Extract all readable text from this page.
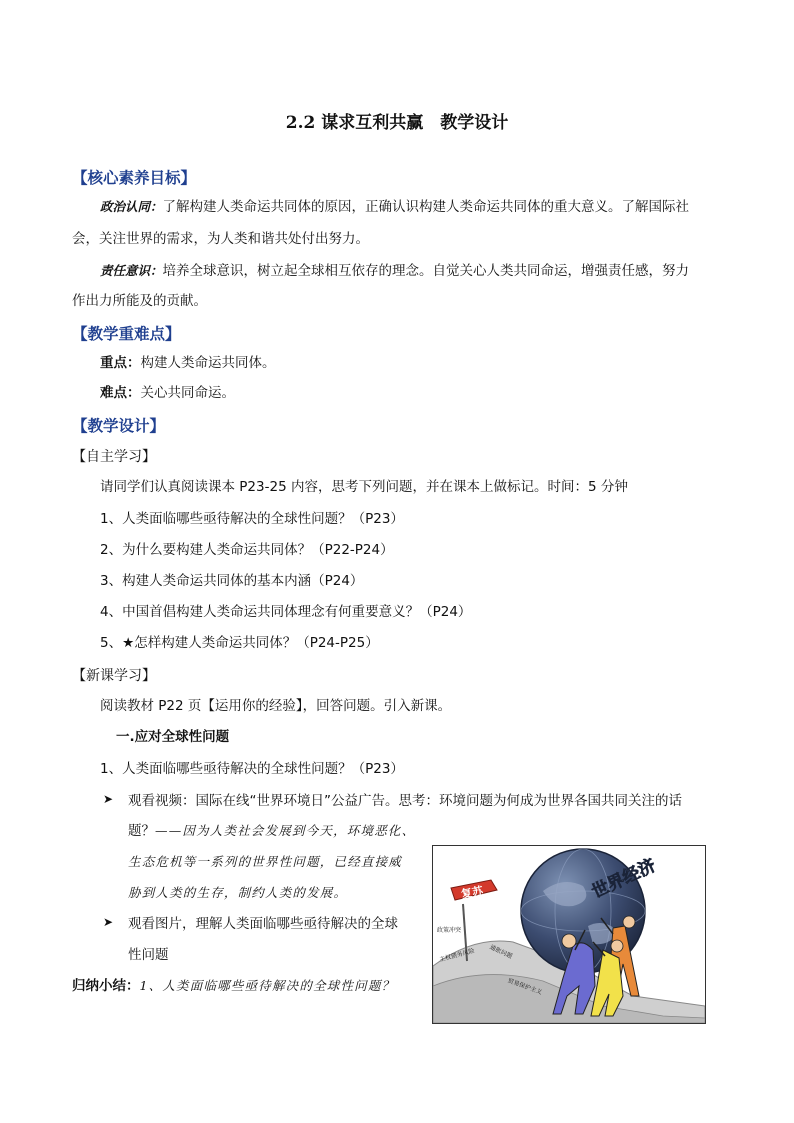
2.2 谋求互利共赢　教学设计
【核心素养目标】
政治认同：了解构建人类命运共同体的原因，正确认识构建人类命运共同体的重大意义。了解国际社
会，关注世界的需求，为人类和谐共处付出努力。
责任意识：培养全球意识，树立起全球相互依存的理念。自觉关心人类共同命运，增强责任感，努力
作出力所能及的贡献。
【教学重难点】
重点：构建人类命运共同体。
难点：关心共同命运。
【教学设计】
【自主学习】
请同学们认真阅读课本 P23-25 内容，思考下列问题，并在课本上做标记。时间：5 分钟
1、人类面临哪些亟待解决的全球性问题？（P23）
2、为什么要构建人类命运共同体？（P22-P24）
3、构建人类命运共同体的基本内涵（P24）
4、中国首倡构建人类命运共同体理念有何重要意义？（P24）
5、★怎样构建人类命运共同体？（P24-P25）
【新课学习】
阅读教材 P22 页【运用你的经验】，回答问题。引入新课。
一.应对全球性问题
1、人类面临哪些亟待解决的全球性问题？（P23）
➤ 观看视频：国际在线“世界环境日”公益广告。思考：环境问题为何成为世界各国共同关注的话
题？——因为人类社会发展到今天，环境恶化、
生态危机等一系列的世界性问题，已经直接威
胁到人类的生存，制约人类的发展。
➤ 观看图片，理解人类面临哪些亟待解决的全球
性问题
归纳小结：1、人类面临哪些亟待解决的全球性问题？
世界经济
复苏
政策冲突
主权债务风险 通胀问题
贸易保护主义
